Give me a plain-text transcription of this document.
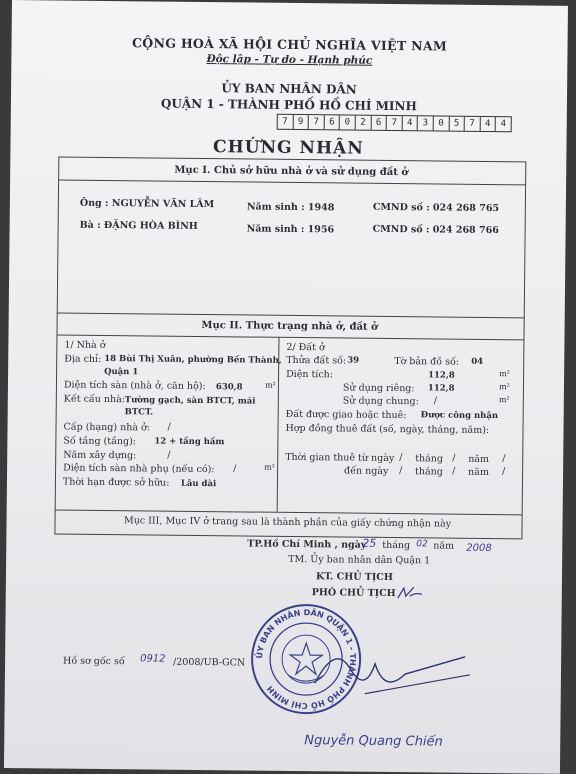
CỘNG HOÀ XÃ HỘI CHỦ NGHĨA VIỆT NAM
Độc lập - Tự do - Hạnh phúc
ỦY BAN NHÂN DÂN
QUẬN 1 - THÀNH PHỐ HỒ CHÍ MINH
7	9	7	6	0	2	6	7	4	3	0	5	7	4	4
CHỨNG NHẬN
Mục I. Chủ sở hữu nhà ở và sử dụng đất ở
Ông : NGUYỄN VĂN LÂM	Năm sinh : 1948	CMND số : 024 268 765
Bà : ĐẶNG HÒA BÌNH	Năm sinh : 1956	CMND số : 024 268 766
Mục II. Thực trạng nhà ở, đất ở
1/ Nhà ở
Địa chỉ: 18 Bùi Thị Xuân, phường Bến Thành,
Quận 1
Diện tích sàn (nhà ở, căn hộ): 630,8	m²
Kết cấu nhà: Tường gạch, sàn BTCT, mái
BTCT.
Cấp (hạng) nhà ở: /
Số tầng (tầng): 12 + tầng hầm
Năm xây dựng:	/
Diện tích sàn nhà phụ (nếu có): /	m²
Thời hạn được sở hữu: Lâu dài
2/ Đất ở
Thửa đất số: 39	Tờ bản đồ số: 04
Diện tích:	112,8	m²
Sử dụng riêng: 112,8	m²
Sử dụng chung: /	m²
Đất được giao hoặc thuê: Được công nhận
Hợp đồng thuê đất (số, ngày, tháng, năm):
Thời gian thuê từ ngày / tháng / năm /
đến ngày / tháng / năm /
Mục III, Mục IV ở trang sau là thành phần của giấy chứng nhận này
TP.Hồ Chí Minh , ngày
25 tháng 02 năm 2008
TM. Ủy ban nhân dân Quận 1
KT. CHỦ TỊCH
PHÓ CHỦ TỊCH
ỦY BAN NHÂN DÂN QUẬN 1 - THÀNH PHỐ HỒ CHÍ MINH
Nguyễn Quang Chiến
Hồ sơ gốc số 0912 /2008/UB-GCN
